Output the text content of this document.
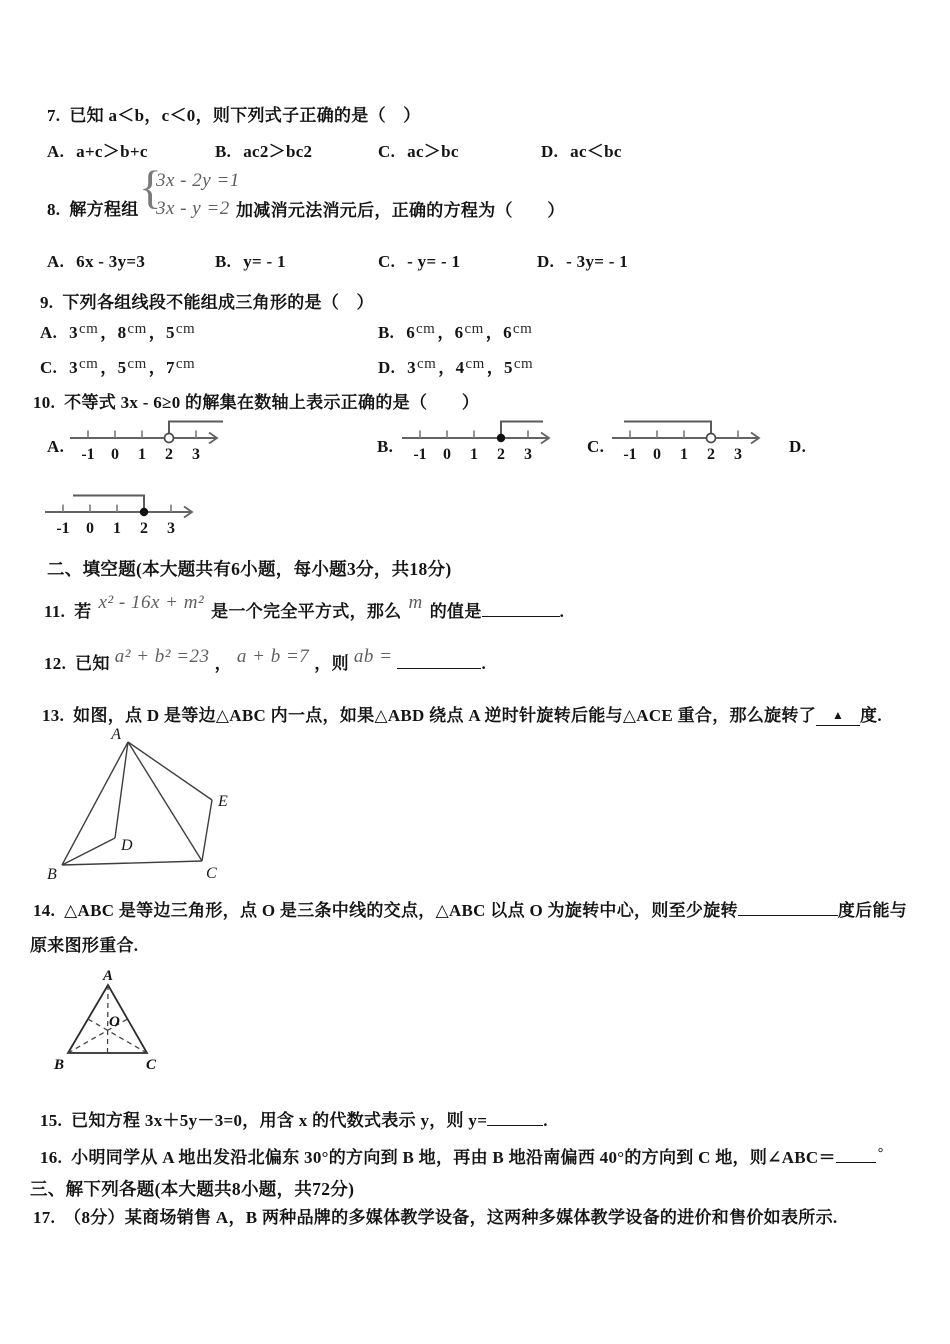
7. 已知 a＜b，c＜0，则下列式子正确的是（　）
A. a+c＞b+c	B. ac2＞bc2	C. ac＞bc	D. ac＜bc
8. 解方程组 {
3x - 2y =1
3x - y =2 加减消元法消元后，正确的方程为（　　）
A. 6x - 3y=3	B. y= - 1	C. - y= - 1	D. - 3y= - 1
9. 下列各组线段不能组成三角形的是（　）
A. 3cm ，8cm ，5cm	B. 6cm ，6cm ，6cm
C. 3cm ，5cm ，7cm	D. 3cm ，4cm ，5cm
10. 不等式 3x - 6≥0 的解集在数轴上表示正确的是（　　）
A. -1 0 1 2 3	B. -1 0 1 2 3	C. -1 0 1 2 3	D.
-1 0 1 2 3
二、填空题(本大题共有6小题，每小题3分，共18分)
11. 若 x² - 16x + m² 是一个完全平方式，那么 m 的值是	.
12. 已知 a² + b² =23 ， a + b =7 ，则 ab =	.
13. 如图，点 D 是等边△ABC 内一点，如果△ABD 绕点 A 逆时针旋转后能与△ACE 重合，那么旋转了 ▲ 度.
A
B	C
D
E
14. △ABC 是等边三角形，点 O 是三条中线的交点，△ABC 以点 O 为旋转中心，则至少旋转	度后能与
原来图形重合.
A
B	C
O
15. 已知方程 3x＋5y－3=0，用含 x 的代数式表示 y，则 y=	.
16. 小明同学从 A 地出发沿北偏东 30°的方向到 B 地，再由 B 地沿南偏西 40°的方向到 C 地，则∠ABC＝	°
三、解下列各题(本大题共8小题，共72分)
17. （8分）某商场销售 A，B 两种品牌的多媒体教学设备，这两种多媒体教学设备的进价和售价如表所示.
